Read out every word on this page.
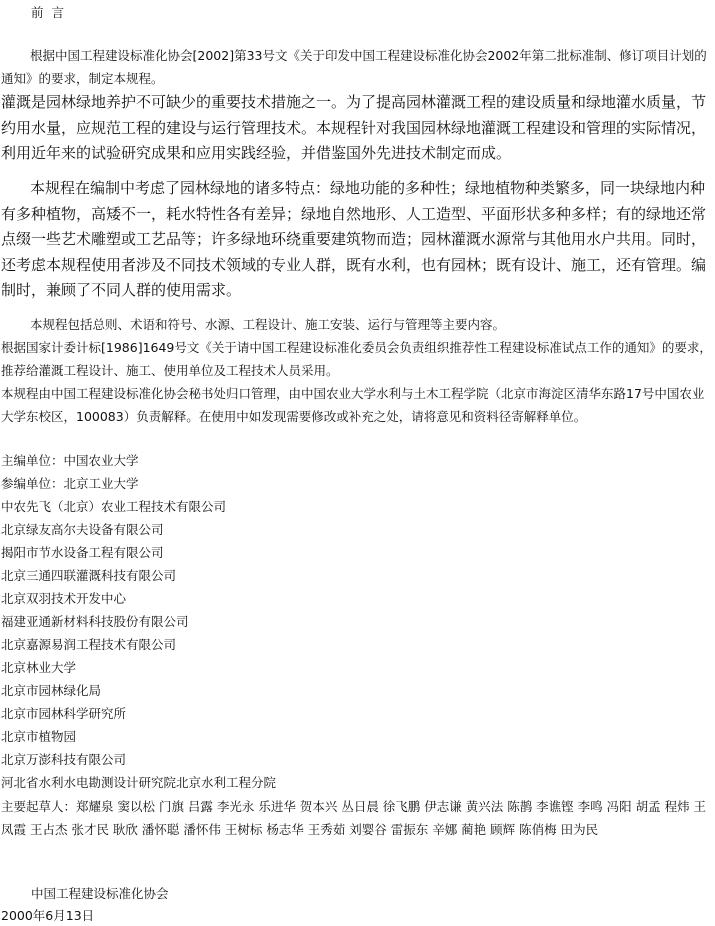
前 言

根据中国工程建设标准化协会[2002]第33号文《关于印发中国工程建设标准化协会2002年第二批标准制、修订项目计划的通知》的要求，制定本规程。

灌溉是园林绿地养护不可缺少的重要技术措施之一。为了提高园林灌溉工程的建设质量和绿地灌水质量，节约用水量，应规范工程的建设与运行管理技术。本规程针对我国园林绿地灌溉工程建设和管理的实际情况，利用近年来的试验研究成果和应用实践经验，并借鉴国外先进技术制定而成。

本规程在编制中考虑了园林绿地的诸多特点：绿地功能的多种性；绿地植物种类繁多，同一块绿地内种有多种植物，高矮不一，耗水特性各有差异；绿地自然地形、人工造型、平面形状多种多样；有的绿地还常点缀一些艺术雕塑或工艺品等；许多绿地环绕重要建筑物而造；园林灌溉水源常与其他用水户共用。同时，还考虑本规程使用者涉及不同技术领域的专业人群，既有水利，也有园林；既有设计、施工，还有管理。编制时，兼顾了不同人群的使用需求。

本规程包括总则、术语和符号、水源、工程设计、施工安装、运行与管理等主要内容。

根据国家计委计标[1986]1649号文《关于请中国工程建设标准化委员会负责组织推荐性工程建设标准试点工作的通知》的要求，推荐给灌溉工程设计、施工、使用单位及工程技术人员采用。

本规程由中国工程建设标准化协会秘书处归口管理，由中国农业大学水利与土木工程学院（北京市海淀区清华东路17号中国农业大学东校区，100083）负责解释。在使用中如发现需要修改或补充之处，请将意见和资料径寄解释单位。

主编单位：中国农业大学
参编单位：北京工业大学
中农先飞（北京）农业工程技术有限公司
北京绿友高尔夫设备有限公司
揭阳市节水设备工程有限公司
北京三通四联灌溉科技有限公司
北京双羽技术开发中心
福建亚通新材料科技股份有限公司
北京嘉源易润工程技术有限公司
北京林业大学
北京市园林绿化局
北京市园林科学研究所
北京市植物园
北京万澎科技有限公司
河北省水利水电勘测设计研究院北京水利工程分院

主要起草人：郑耀泉 窦以松 门旗 吕露 李光永 乐进华 贺本兴 丛日晨 徐飞鹏 伊志谦 黄兴法 陈鹊 李谯铿 李鸣 冯阳 胡孟 程炜 王凤霞 王占杰 张才民 耿欣 潘怀聪 潘怀伟 王树标 杨志华 王秀茹 刘婴谷 雷振东 辛娜 蔺艳 顾辉 陈俏梅 田为民

中国工程建设标准化协会
2000年6月13日
